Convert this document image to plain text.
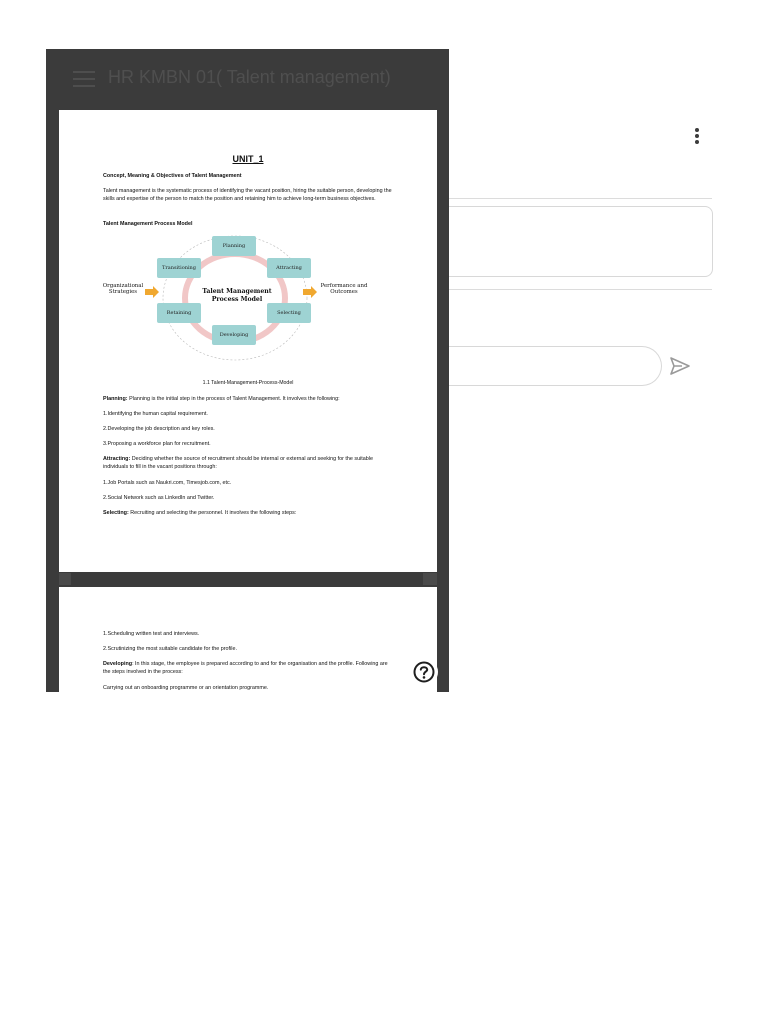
HR KMBN 01( Talent management)
UNIT_1
Concept, Meaning & Objectives of Talent Management
Talent management is the systematic process of identifying the vacant position, hiring the suitable person, developing the skills and expertise of the person to match the position and retaining him to achieve long-term business objectives.
Talent Management Process Model
Planning
Attracting
Selecting
Developing
Retaining
Transitioning
Talent Management Process Model
Organizational Strategies
Performance and Outcomes
1.1 Talent-Management-Process-Model
Planning: Planning is the initial step in the process of Talent Management. It involves the following:
1.Identifying the human capital requirement.
2.Developing the job description and key roles.
3.Proposing a workforce plan for recruitment.
Attracting: Deciding whether the source of recruitment should be internal or external and seeking for the suitable individuals to fill in the vacant positions through:
1.Job Portals such as Naukri.com, Timesjob.com, etc.
2.Social Network such as LinkedIn and Twitter.
Selecting: Recruiting and selecting the personnel. It involves the following steps:
1.Scheduling written test and interviews.
2.Scrutinizing the most suitable candidate for the profile.
Developing: In this stage, the employee is prepared according to and for the organisation and the profile. Following are the steps involved in the process:
Carrying out an onboarding programme or an orientation programme.
